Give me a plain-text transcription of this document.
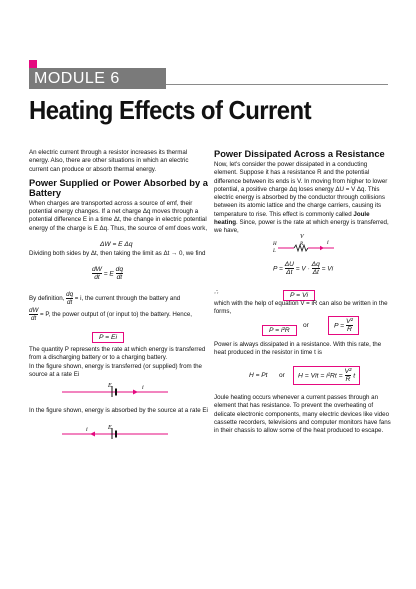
MODULE 6
Heating Effects of Current

An electric current through a resistor increases its thermal energy. Also, there are other situations in which an electric current can produce or absorb thermal energy.

Power Supplied or Power Absorbed by a Battery

When charges are transported across a source of emf, their potential energy changes. If a net charge Δq moves through a potential difference E in a time Δt, the change in electric potential energy of the charge is E Δq. Thus, the source of emf does work,

ΔW = E Δq
Dividing both sides by Δt, then taking the limit as Δt → 0, we find
$\frac{dW}{dt} = E \frac{dq}{dt}$
By definition, $\frac{dq}{dt} = i$, the current through the battery and
$\frac{dW}{dt} = P$, the power output of (or input to) the battery. Hence,
P = Ei

The quantity P represents the rate at which energy is transferred from a discharging battery or to a charging battery.

In the figure shown, energy is transferred (or supplied) from the source at a rate Ei

E	i
In the figure shown, energy is absorbed by the source at a rate Ei
E
i

Power Dissipated Across a Resistance

Now, let's consider the power dissipated in a conducting element. Suppose it has a resistance R and the potential difference between its ends is V. In moving from higher to lower potential, a positive charge Δq loses energy ΔU = V Δq. This electric energy is absorbed by the conductor through collisions between its atomic lattice and the charge carriers, causing its temperature to rise. This effect is commonly called Joule heating. Since, power is the rate at which energy is transferred, we have,

V
R
H
L
i
$P = \frac{\Delta U}{\Delta t} = V \cdot \frac{\Delta q}{\Delta t} = Vi$
∴	P = Vi
which with the help of equation V = iR can also be written in the forms,
P = i²R
or	$P = \frac{\text{V²}}{R}$
Power is always dissipated in a resistance. With this rate, the heat produced in the resistor in time t is
H = Pt or	H = Vit = $i^2Rt = \frac{\text{V²}}{R}$ t
Joule heating occurs whenever a current passes through an element that has resistance. To prevent the overheating of delicate electronic components, many electric devices like video cassette recorders, televisions and computer monitors have fans in their chassis to allow some of the heat produced to escape.
